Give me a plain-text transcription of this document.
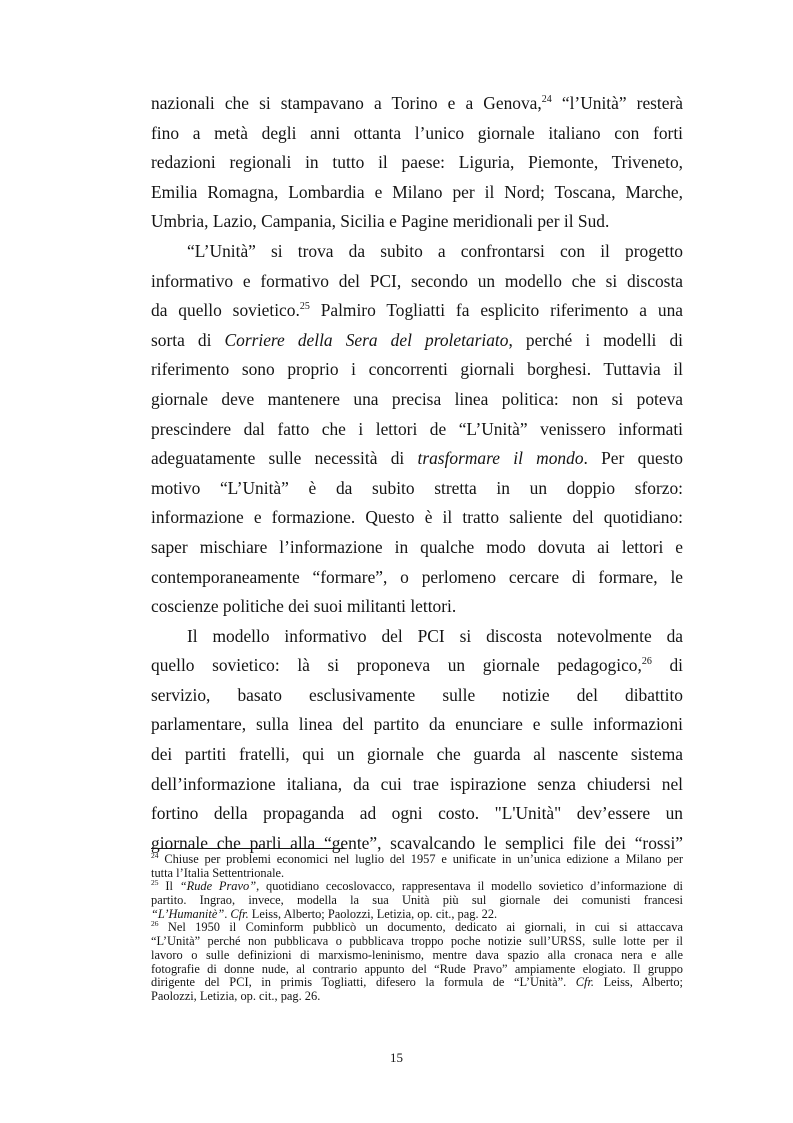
nazionali che si stampavano a Torino e a Genova,$^{24}$ “l’Unità” resterà
fino a metà degli anni ottanta l’unico giornale italiano con forti
redazioni regionali in tutto il paese: Liguria, Piemonte, Triveneto,
Emilia Romagna, Lombardia e Milano per il Nord; Toscana, Marche,
Umbria, Lazio, Campania, Sicilia e Pagine meridionali per il Sud.
“L’Unità” si trova da subito a confrontarsi con il progetto
informativo e formativo del PCI, secondo un modello che si discosta
da quello sovietico.$^{25}$ Palmiro Togliatti fa esplicito riferimento a una
sorta di Corriere della Sera del proletariato, perché i modelli di
riferimento sono proprio i concorrenti giornali borghesi. Tuttavia il
giornale deve mantenere una precisa linea politica: non si poteva
prescindere dal fatto che i lettori de “L’Unità” venissero informati
adeguatamente sulle necessità di trasformare il mondo. Per questo
motivo “L’Unità” è da subito stretta in un doppio sforzo:
informazione e formazione. Questo è il tratto saliente del quotidiano:
saper mischiare l’informazione in qualche modo dovuta ai lettori e
contemporaneamente “formare”, o perlomeno cercare di formare, le
coscienze politiche dei suoi militanti lettori.
Il modello informativo del PCI si discosta notevolmente da
quello sovietico: là si proponeva un giornale pedagogico,$^{26}$ di
servizio, basato esclusivamente sulle notizie del dibattito
parlamentare, sulla linea del partito da enunciare e sulle informazioni
dei partiti fratelli, qui un giornale che guarda al nascente sistema
dell’informazione italiana, da cui trae ispirazione senza chiudersi nel
fortino della propaganda ad ogni costo. "L'Unità" dev’essere un
giornale che parli alla “gente”, scavalcando le semplici file dei “rossi”
$^{24}$ Chiuse per problemi economici nel luglio del 1957 e unificate in un’unica edizione a Milano per
tutta l’Italia Settentrionale.
$^{25}$ Il “Rude Pravo”, quotidiano cecoslovacco, rappresentava il modello sovietico d’informazione di
partito. Ingrao, invece, modella la sua Unità più sul giornale dei comunisti francesi
“L’Humanitè”. Cfr. Leiss, Alberto; Paolozzi, Letizia, op. cit., pag. 22.
$^{26}$ Nel 1950 il Cominform pubblicò un documento, dedicato ai giornali, in cui si attaccava
“L’Unità” perché non pubblicava o pubblicava troppo poche notizie sull’URSS, sulle lotte per il
lavoro o sulle definizioni di marxismo-leninismo, mentre dava spazio alla cronaca nera e alle
fotografie di donne nude, al contrario appunto del “Rude Pravo” ampiamente elogiato. Il gruppo
dirigente del PCI, in primis Togliatti, difesero la formula de “L’Unità”. Cfr. Leiss, Alberto;
Paolozzi, Letizia, op. cit., pag. 26.
15
